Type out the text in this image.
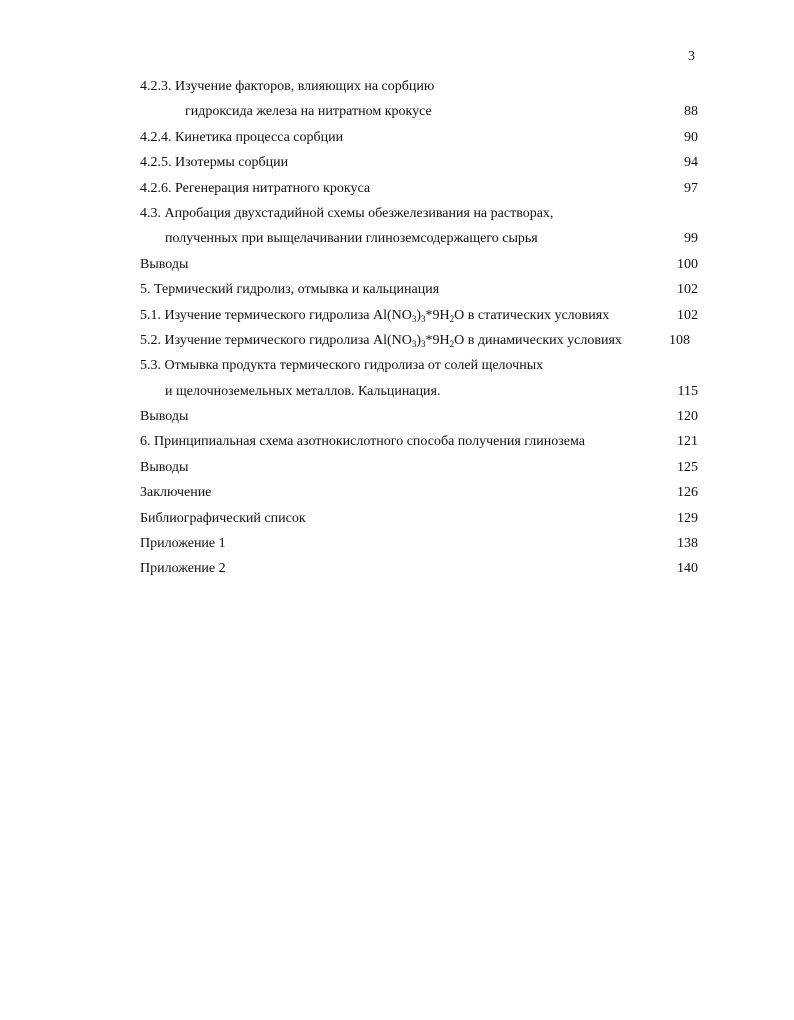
3
4.2.3. Изучение факторов, влияющих на сорбцию
гидроксида железа на нитратном крокусе	88
4.2.4. Кинетика процесса сорбции	90
4.2.5. Изотермы сорбции	94
4.2.6. Регенерация нитратного крокуса	97
4.3. Апробация двухстадийной схемы обезжелезивания на растворах,
полученных при выщелачивании глиноземсодержащего сырья	99
Выводы	100
5. Термический гидролиз, отмывка и кальцинация	102
5.1. Изучение термического гидролиза $Al(NO_3)_3*9H_2O$ в статических условиях	102
5.2. Изучение термического гидролиза $Al(NO_3)_3*9H_2O$ в динамических условиях	108
5.3. Отмывка продукта термического гидролиза от солей щелочных
и щелочноземельных металлов. Кальцинация.	115
Выводы	120
6. Принципиальная схема азотнокислотного способа получения глинозема	121
Выводы	125
Заключение	126
Библиографический список	129
Приложение 1	138
Приложение 2	140
